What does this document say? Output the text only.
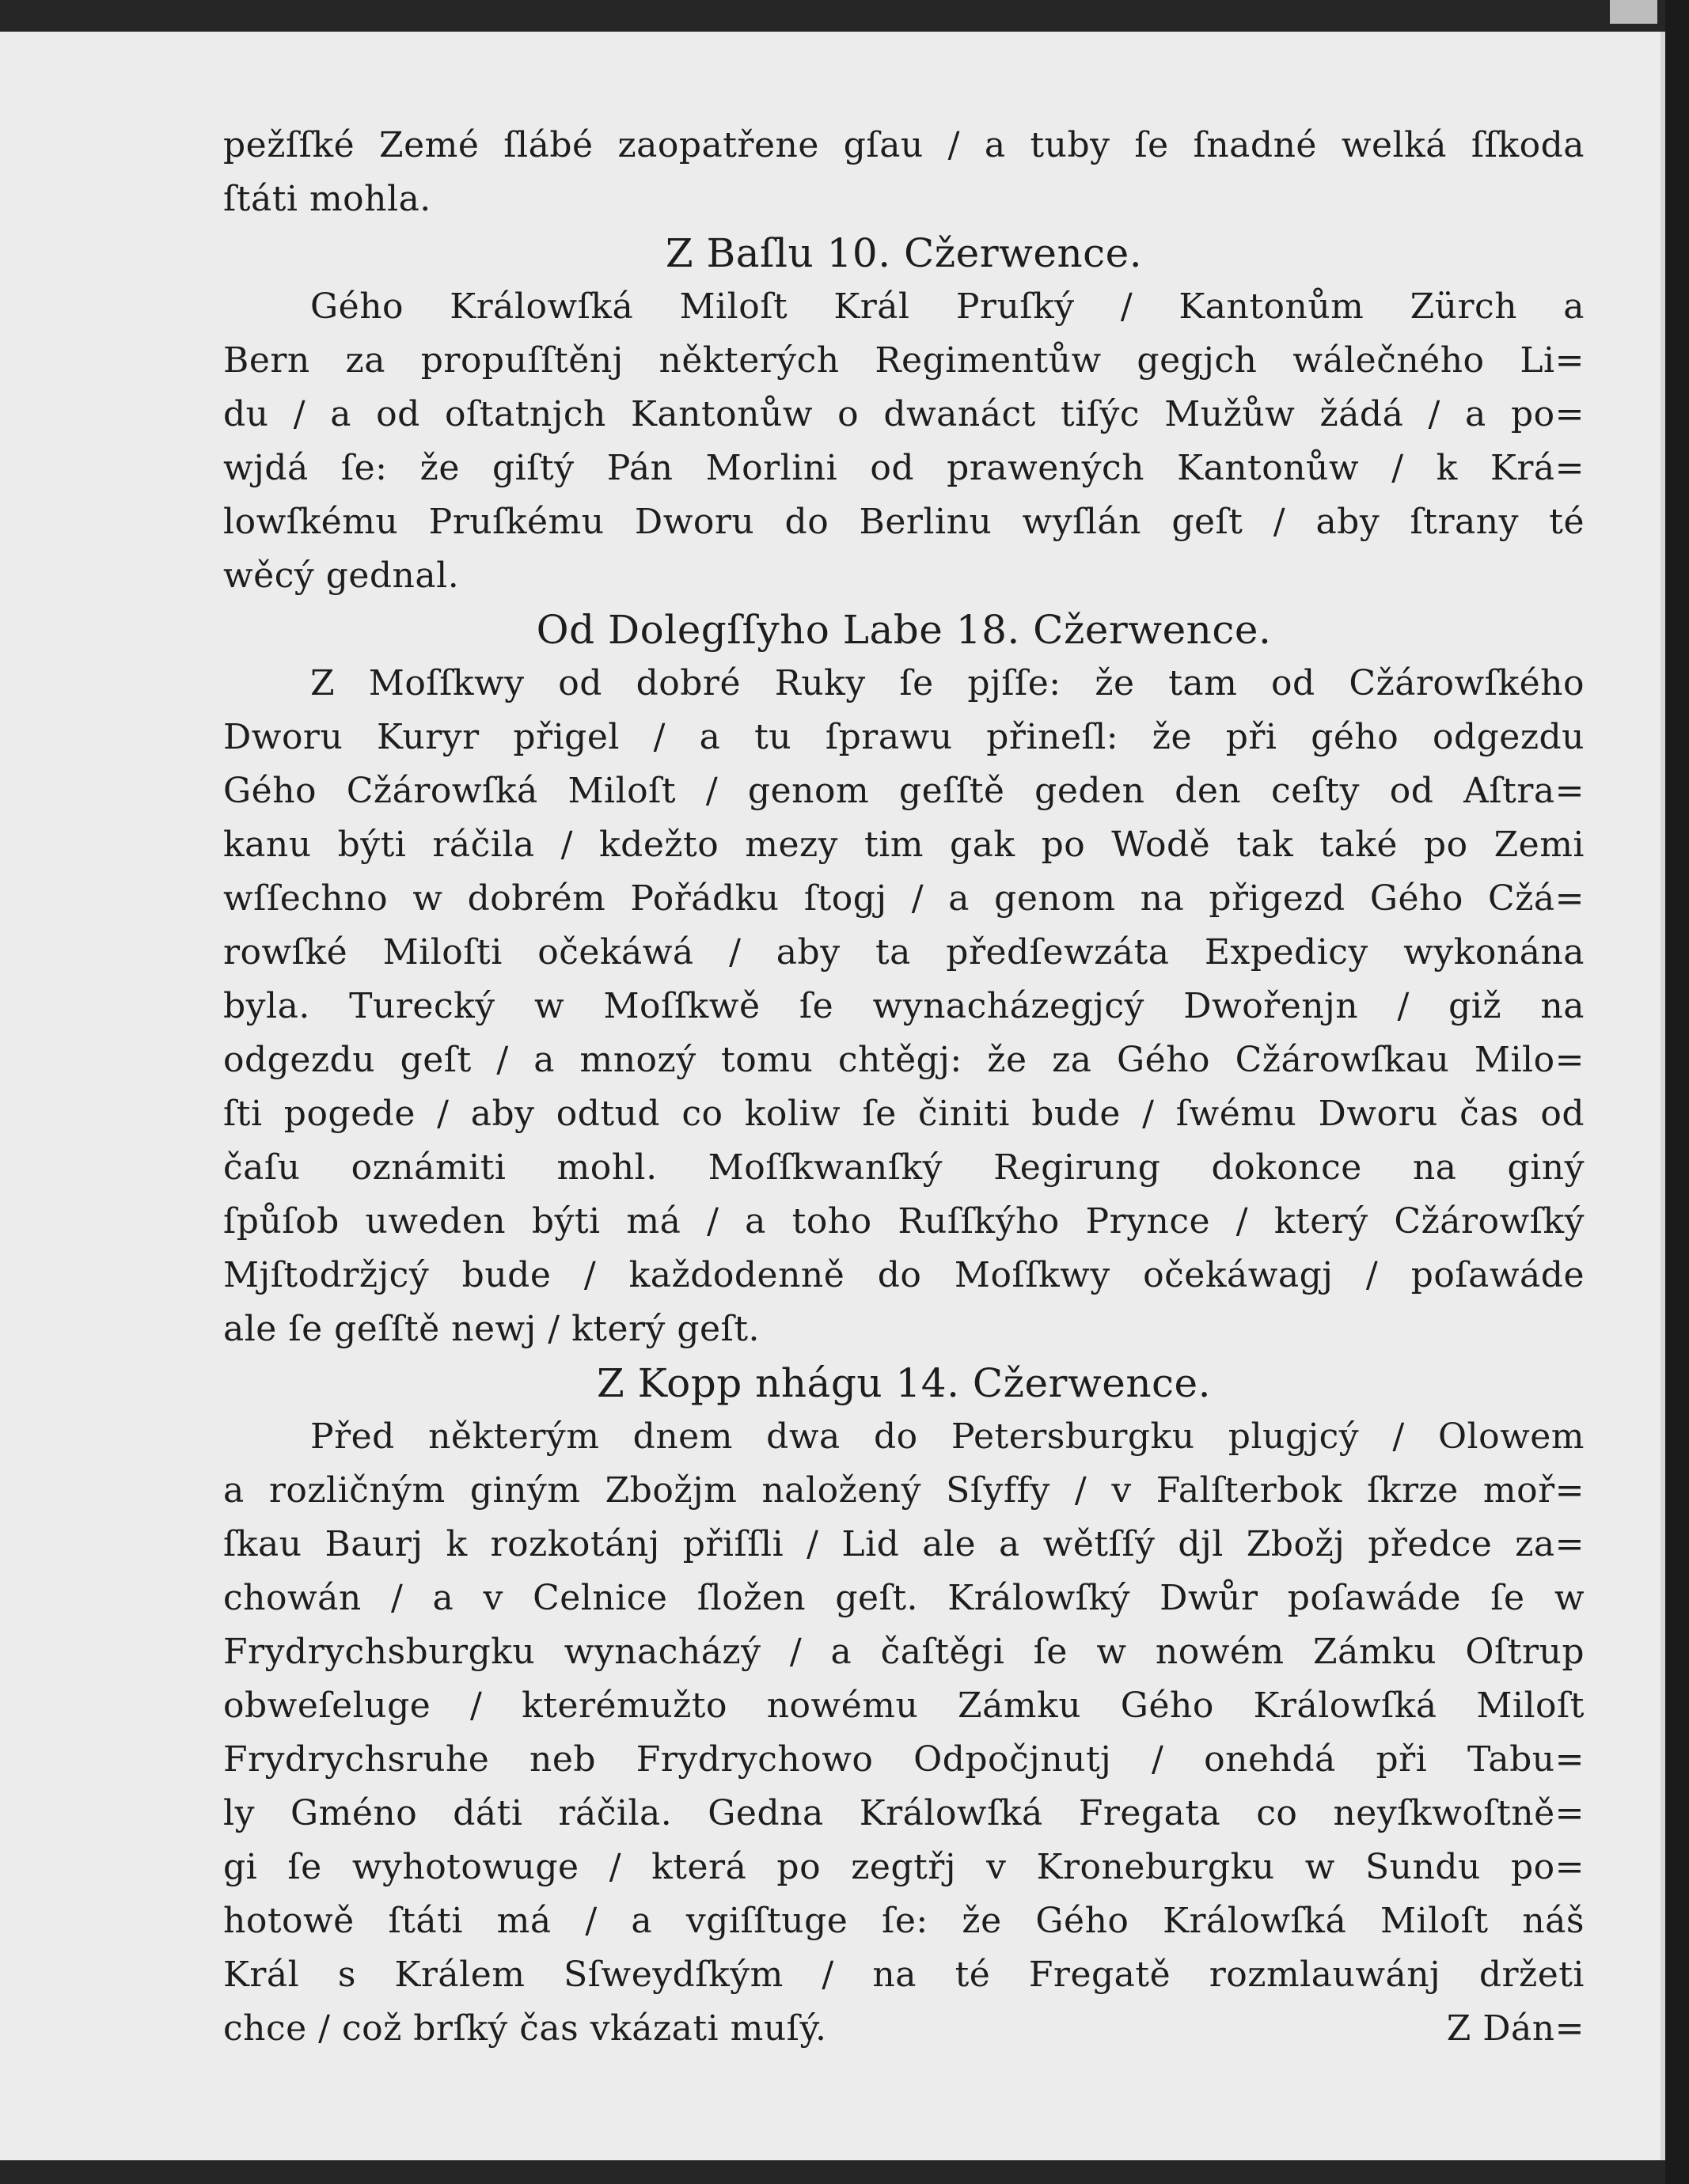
pežſſké Zemé ſlábé zaopatřene gſau / a tuby ſe ſnadné welká ſſkoda
ſtáti mohla.
Z Baſlu 10. Cžerwence.
Gého Králowſká Miloſt Král Pruſký / Kantonům Zürch a
Bern za propuſſtěnj některých Regimentůw gegjch wálečného Li=
du / a od oſtatnjch Kantonůw o dwanáct tiſýc Mužůw žádá / a po=
wjdá ſe: že giſtý Pán Morlini od prawených Kantonůw / k Krá=
lowſkému Pruſkému Dworu do Berlinu wyſlán geſt / aby ſtrany té
wěcý gednal.
Od Dolegſſyho Labe 18. Cžerwence.
Z Moſſkwy od dobré Ruky ſe pjſſe: že tam od Cžárowſkého
Dworu Kuryr přigel / a tu ſprawu přineſl: že při gého odgezdu
Gého Cžárowſká Miloſt / genom geſſtě geden den ceſty od Aſtra=
kanu býti ráčila / kdežto mezy tim gak po Wodě tak také po Zemi
wſſechno w dobrém Pořádku ſtogj / a genom na přigezd Gého Cžá=
rowſké Miloſti očekáwá / aby ta předſewzáta Expedicy wykonána
byla. Turecký w Moſſkwě ſe wynacházegjcý Dwořenjn / giž na
odgezdu geſt / a mnozý tomu chtěgj: že za Gého Cžárowſkau Milo=
ſti pogede / aby odtud co koliw ſe činiti bude / ſwému Dworu čas od
čaſu oznámiti mohl. Moſſkwanſký Regirung dokonce na giný
ſpůſob uweden býti má / a toho Ruſſkýho Prynce / který Cžárowſký
Mjſtodržjcý bude / každodenně do Moſſkwy očekáwagj / poſawáde
ale ſe geſſtě newj / který geſt.
Z Kopp nhágu 14. Cžerwence.
Před některým dnem dwa do Petersburgku plugjcý / Olowem
a rozličným giným Zbožjm naložený Sſyffy / v Falſterbok ſkrze moř=
ſkau Baurj k rozkotánj přiſſli / Lid ale a wětſſý djl Zbožj předce za=
chowán / a v Celnice ſložen geſt. Králowſký Dwůr poſawáde ſe w
Frydrychsburgku wynacházý / a čaſtěgi ſe w nowém Zámku Oſtrup
obweſeluge / kterémužto nowému Zámku Gého Králowſká Miloſt
Frydrychsruhe neb Frydrychowo Odpočjnutj / onehdá při Tabu=
ly Gméno dáti ráčila. Gedna Králowſká Fregata co neyſkwoſtně=
gi ſe wyhotowuge / která po zegtřj v Kroneburgku w Sundu po=
hotowě ſtáti má / a vgiſſtuge ſe: že Gého Králowſká Miloſt náš
Král s Králem Sſweydſkým / na té Fregatě rozmlauwánj držeti
chce / což brſký čas vkázati muſý.	Z Dán=
